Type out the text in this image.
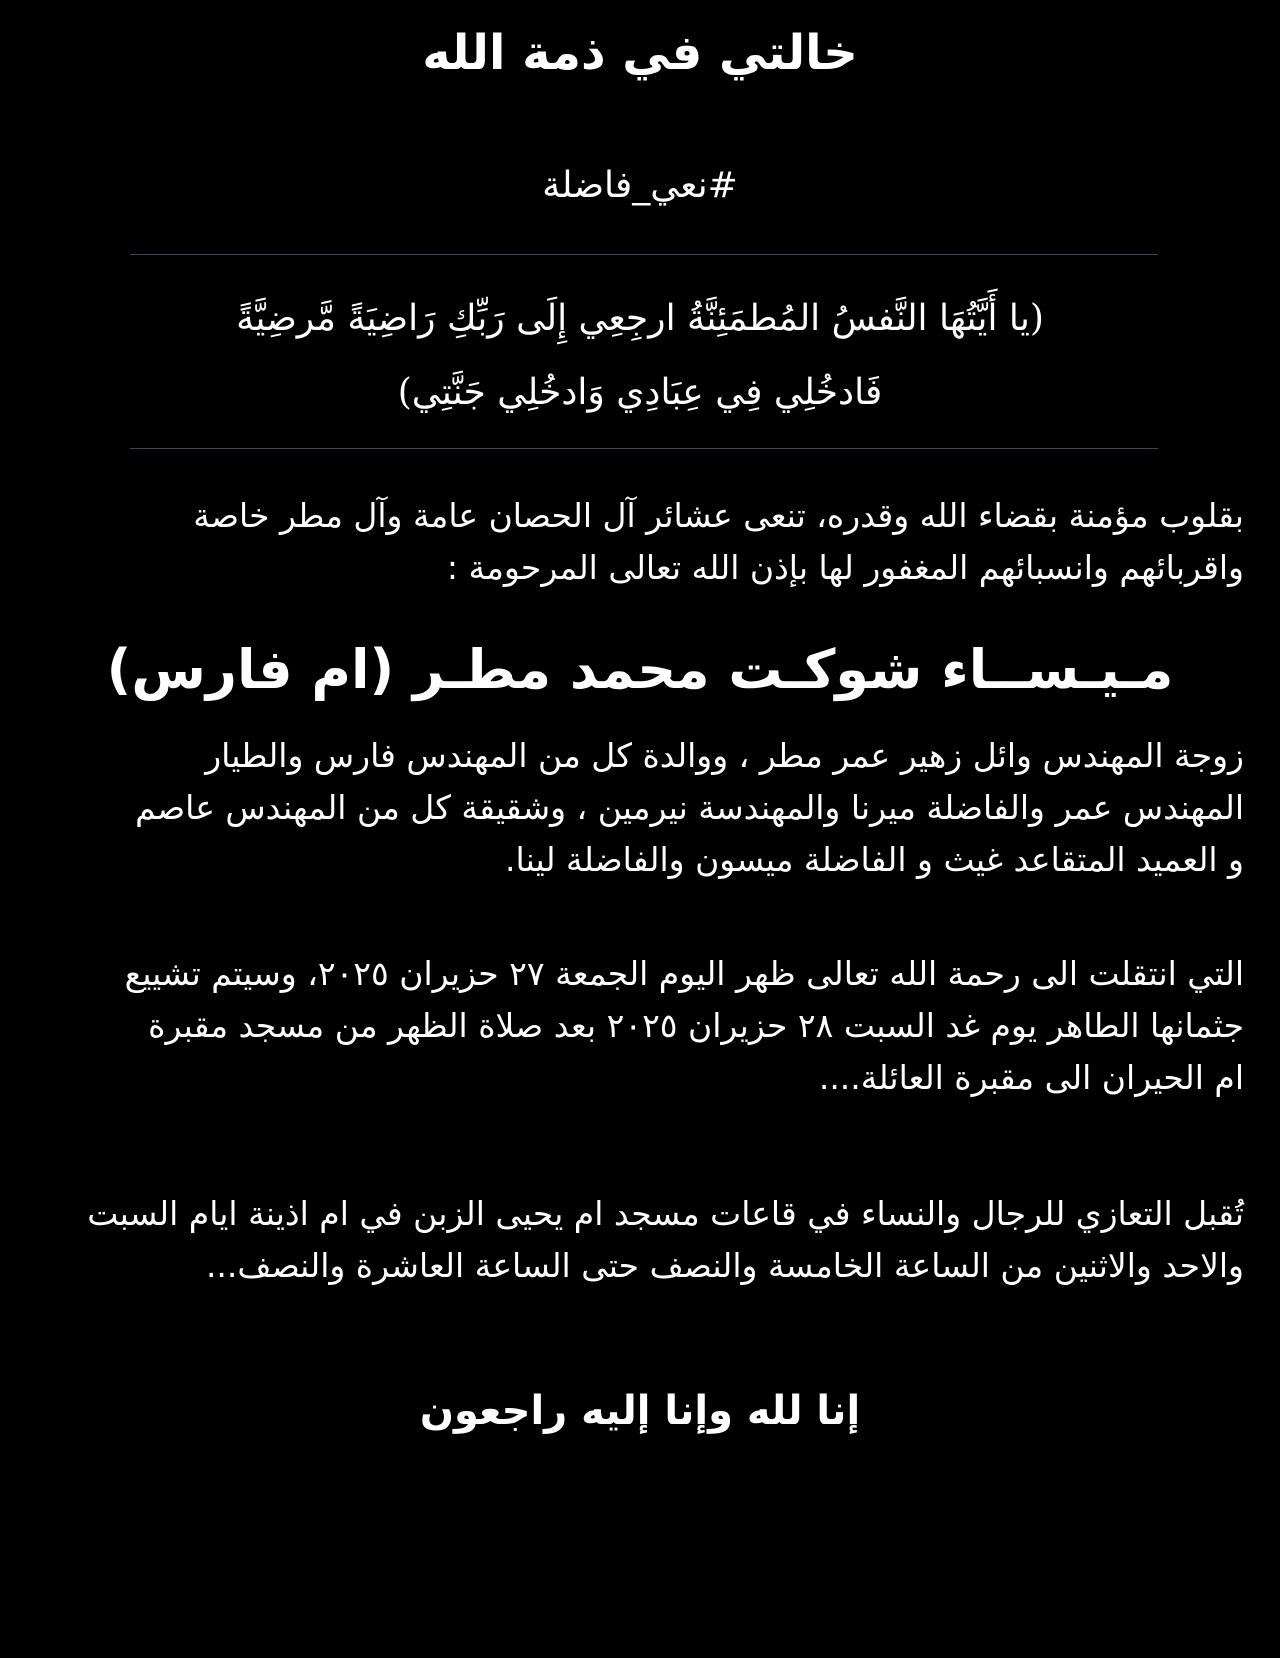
خالتي في ذمة الله
#نعي_فاضلة
(يا أَيَّتُهَا النَّفسُ المُطمَئِنَّةُ ارجِعِي إِلَى رَبِّكِ رَاضِيَةً مَّرضِيَّةً
فَادخُلِي فِي عِبَادِي وَادخُلِي جَنَّتِي)
بقلوب مؤمنة بقضاء الله وقدره، تنعى عشائر آل الحصان عامة وآل مطر خاصة
واقربائهم وانسبائهم المغفور لها بإذن الله تعالى المرحومة :
مـيـســاء شوكـت محمد مطـر (ام فارس)
زوجة المهندس وائل زهير عمر مطر ، ووالدة كل من المهندس فارس والطيار
المهندس عمر والفاضلة ميرنا والمهندسة نيرمين ، وشقيقة كل من المهندس عاصم
و العميد المتقاعد غيث و الفاضلة ميسون والفاضلة لينا.
التي انتقلت الى رحمة الله تعالى ظهر اليوم الجمعة ٢٧ حزيران ٢٠٢٥، وسيتم تشييع
جثمانها الطاهر يوم غد السبت ٢٨ حزيران ٢٠٢٥ بعد صلاة الظهر من مسجد مقبرة
ام الحيران الى مقبرة العائلة....
تُقبل التعازي للرجال والنساء في قاعات مسجد ام يحيى الزبن في ام اذينة ايام السبت
والاحد والاثنين من الساعة الخامسة والنصف حتى الساعة العاشرة والنصف...
إنا لله وإنا إليه راجعون
